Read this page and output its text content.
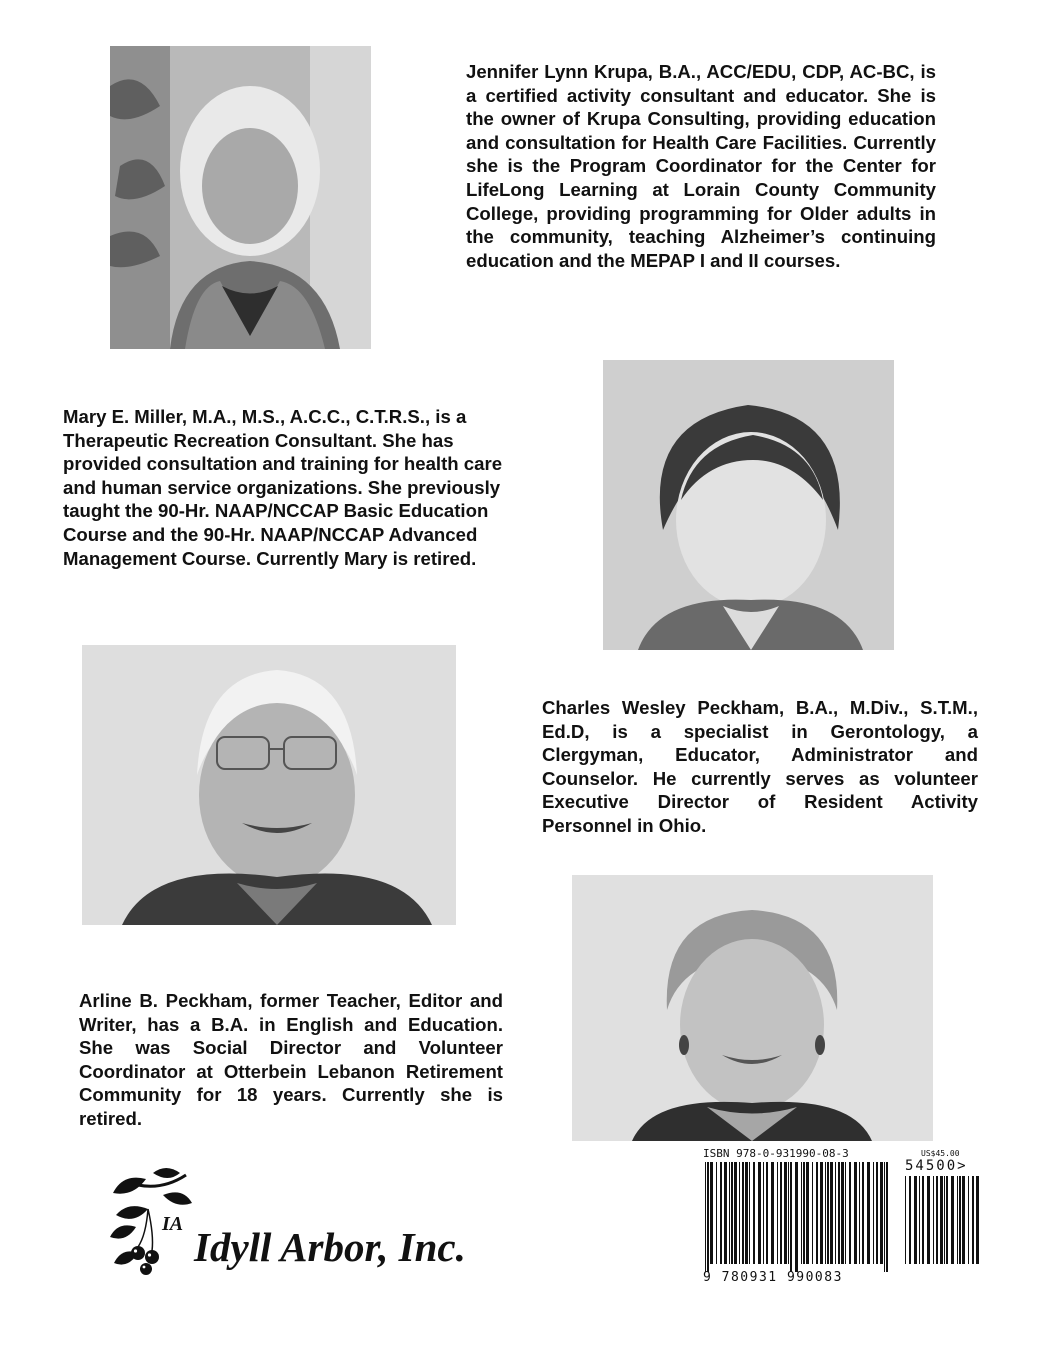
Jennifer Lynn Krupa, B.A., ACC/EDU, CDP, AC-BC, is a certified activity consultant and educator. She is the owner of Krupa Consulting, providing education and consultation for Health Care Facilities. Currently she is the Program Coordinator for the Center for LifeLong Learning at Lorain County Community College, providing programming for Older adults in the community, teaching Alzheimer’s continuing education and the MEPAP I and II courses.

Mary E. Miller, M.A., M.S., A.C.C., C.T.R.S., is a Therapeutic Recreation Consultant. She has provided consultation and training for health care and human service organizations. She previously taught the 90-Hr. NAAP/NCCAP Basic Education Course and the 90-Hr. NAAP/NCCAP Advanced Management Course. Currently Mary is retired.

Charles Wesley Peckham, B.A., M.Div., S.T.M., Ed.D, is a specialist in Gerontology, a Clergyman, Educator, Administrator and Counselor. He currently serves as volunteer Executive Director of Resident Activity Personnel in Ohio.

Arline B. Peckham, former Teacher, Editor and Writer, has a B.A. in English and Education. She was Social Director and Volunteer Coordinator at Otterbein Lebanon Retirement Community for 18 years. Currently she is retired.

IA Idyll Arbor, Inc.
ISBN 978-0-931990-08-3	US$45.00
54500>
9 780931 990083
